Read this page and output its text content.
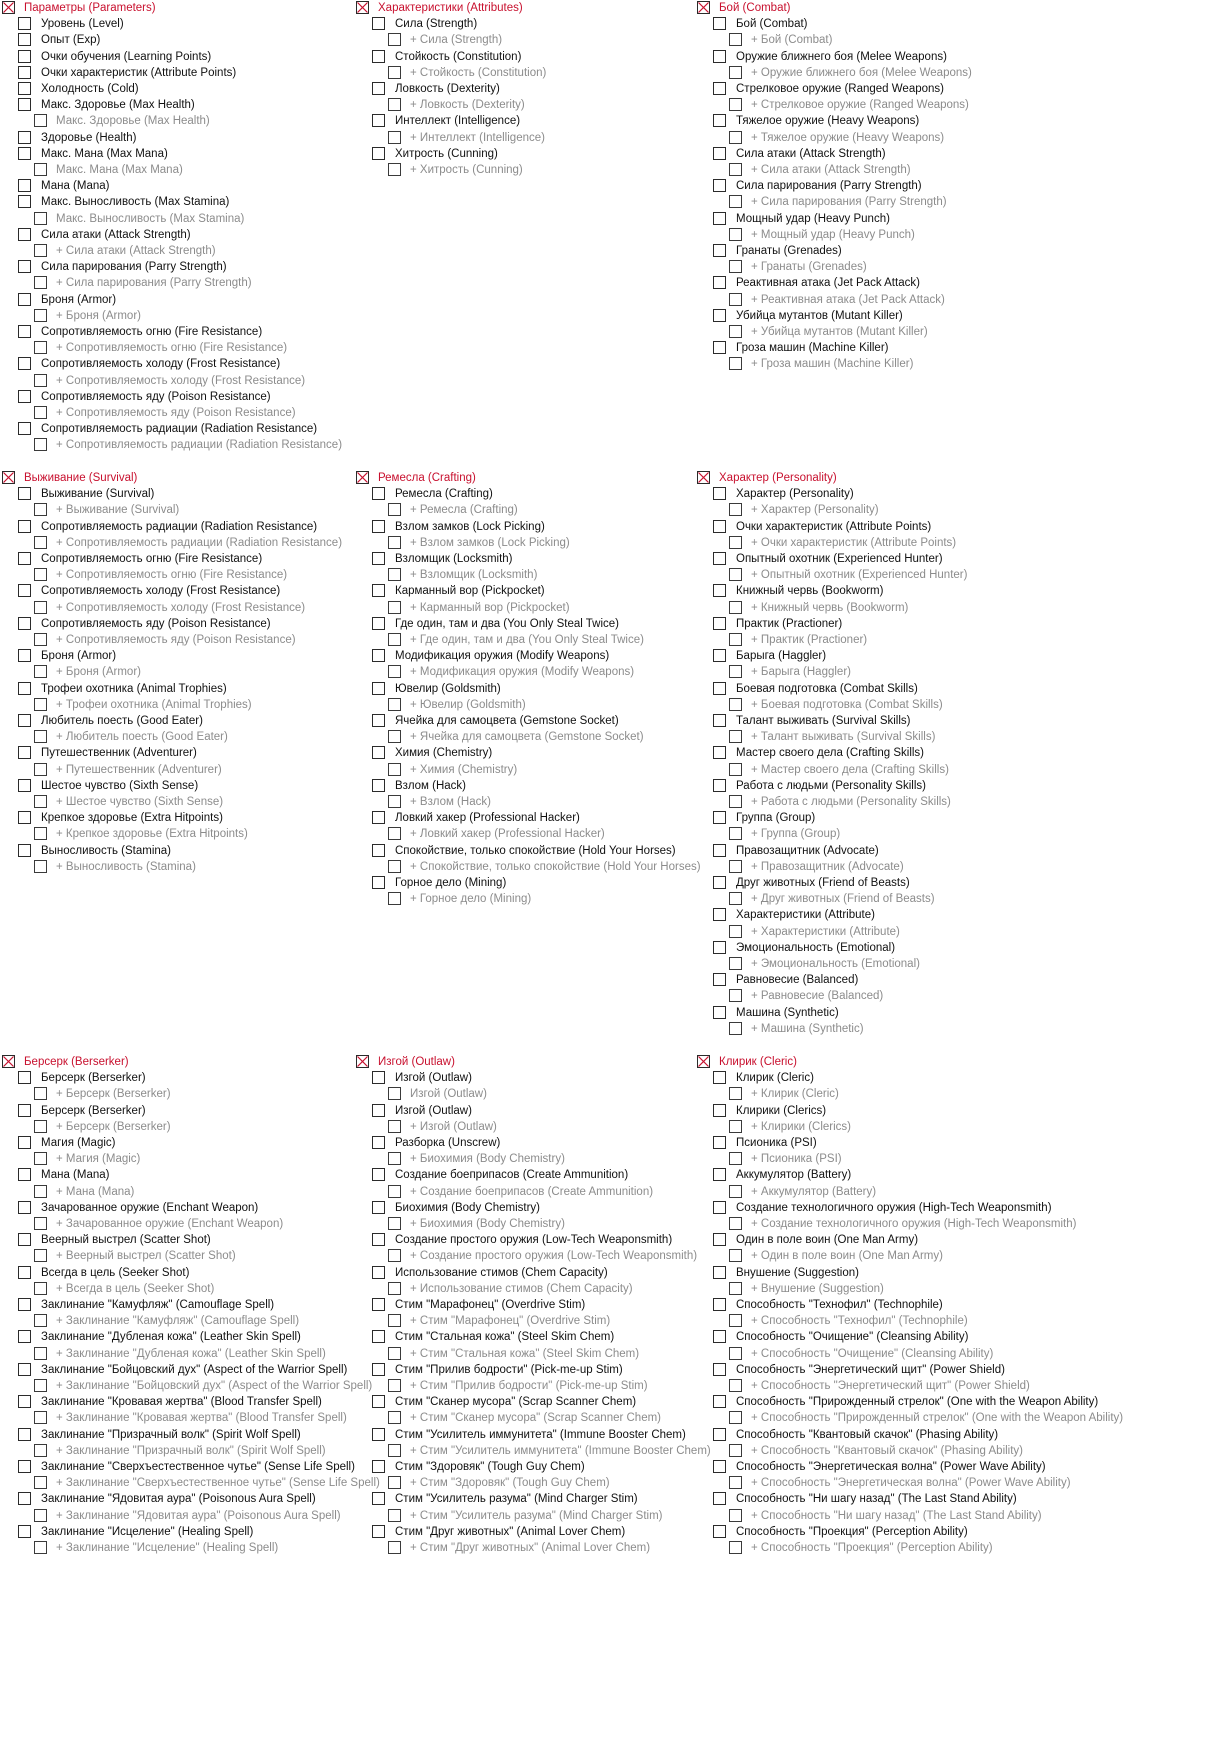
Параметры (Parameters)
Уровень (Level)
Опыт (Exp)
Очки обучения (Learning Points)
Очки характеристик (Attribute Points)
Холодность (Cold)
Макс. Здоровье (Max Health)
Макс. Здоровье (Max Health)
Здоровье (Health)
Макс. Мана (Max Mana)
Макс. Мана (Max Mana)
Мана (Mana)
Макс. Выносливость (Max Stamina)
Макс. Выносливость (Max Stamina)
Сила атаки (Attack Strength)
+ Сила атаки (Attack Strength)
Сила парирования (Parry Strength)
+ Сила парирования (Parry Strength)
Броня (Armor)
+ Броня (Armor)
Сопротивляемость огню (Fire Resistance)
+ Сопротивляемость огню (Fire Resistance)
Сопротивляемость холоду (Frost Resistance)
+ Сопротивляемость холоду (Frost Resistance)
Сопротивляемость яду (Poison Resistance)
+ Сопротивляемость яду (Poison Resistance)
Сопротивляемость радиации (Radiation Resistance)
+ Сопротивляемость радиации (Radiation Resistance)
Характеристики (Attributes)
Сила (Strength)
+ Сила (Strength)
Стойкость (Constitution)
+ Стойкость (Constitution)
Ловкость (Dexterity)
+ Ловкость (Dexterity)
Интеллект (Intelligence)
+ Интеллект (Intelligence)
Хитрость (Cunning)
+ Хитрость (Cunning)
Бой (Combat)
Бой (Combat)
+ Бой (Combat)
Оружие ближнего боя (Melee Weapons)
+ Оружие ближнего боя (Melee Weapons)
Стрелковое оружие (Ranged Weapons)
+ Стрелковое оружие (Ranged Weapons)
Тяжелое оружие (Heavy Weapons)
+ Тяжелое оружие (Heavy Weapons)
Сила атаки (Attack Strength)
+ Сила атаки (Attack Strength)
Сила парирования (Parry Strength)
+ Сила парирования (Parry Strength)
Мощный удар (Heavy Punch)
+ Мощный удар (Heavy Punch)
Гранаты (Grenades)
+ Гранаты (Grenades)
Реактивная атака (Jet Pack Attack)
+ Реактивная атака (Jet Pack Attack)
Убийца мутантов (Mutant Killer)
+ Убийца мутантов (Mutant Killer)
Гроза машин (Machine Killer)
+ Гроза машин (Machine Killer)
Выживание (Survival)
Выживание (Survival)
+ Выживание (Survival)
Сопротивляемость радиации (Radiation Resistance)
+ Сопротивляемость радиации (Radiation Resistance)
Сопротивляемость огню (Fire Resistance)
+ Сопротивляемость огню (Fire Resistance)
Сопротивляемость холоду (Frost Resistance)
+ Сопротивляемость холоду (Frost Resistance)
Сопротивляемость яду (Poison Resistance)
+ Сопротивляемость яду (Poison Resistance)
Броня (Armor)
+ Броня (Armor)
Трофеи охотника (Animal Trophies)
+ Трофеи охотника (Animal Trophies)
Любитель поесть (Good Eater)
+ Любитель поесть (Good Eater)
Путешественник (Adventurer)
+ Путешественник (Adventurer)
Шестое чувство (Sixth Sense)
+ Шестое чувство (Sixth Sense)
Крепкое здоровье (Extra Hitpoints)
+ Крепкое здоровье (Extra Hitpoints)
Выносливость (Stamina)
+ Выносливость (Stamina)
Ремесла (Crafting)
Ремесла (Crafting)
+ Ремесла (Crafting)
Взлом замков (Lock Picking)
+ Взлом замков (Lock Picking)
Взломщик (Locksmith)
+ Взломщик (Locksmith)
Карманный вор (Pickpocket)
+ Карманный вор (Pickpocket)
Где один, там и два (You Only Steal Twice)
+ Где один, там и два (You Only Steal Twice)
Модификация оружия (Modify Weapons)
+ Модификация оружия (Modify Weapons)
Ювелир (Goldsmith)
+ Ювелир (Goldsmith)
Ячейка для самоцвета (Gemstone Socket)
+ Ячейка для самоцвета (Gemstone Socket)
Химия (Chemistry)
+ Химия (Chemistry)
Взлом (Hack)
+ Взлом (Hack)
Ловкий хакер (Professional Hacker)
+ Ловкий хакер (Professional Hacker)
Спокойствие, только спокойствие (Hold Your Horses)
+ Спокойствие, только спокойствие (Hold Your Horses)
Горное дело (Mining)
+ Горное дело (Mining)
Характер (Personality)
Характер (Personality)
+ Характер (Personality)
Очки характеристик (Attribute Points)
+ Очки характеристик (Attribute Points)
Опытный охотник (Experienced Hunter)
+ Опытный охотник (Experienced Hunter)
Книжный червь (Bookworm)
+ Книжный червь (Bookworm)
Практик (Practioner)
+ Практик (Practioner)
Барыга (Haggler)
+ Барыга (Haggler)
Боевая подготовка (Combat Skills)
+ Боевая подготовка (Combat Skills)
Талант выживать (Survival Skills)
+ Талант выживать (Survival Skills)
Мастер своего дела (Crafting Skills)
+ Мастер своего дела (Crafting Skills)
Работа с людьми (Personality Skills)
+ Работа с людьми (Personality Skills)
Группа (Group)
+ Группа (Group)
Правозащитник (Advocate)
+ Правозащитник (Advocate)
Друг животных (Friend of Beasts)
+ Друг животных (Friend of Beasts)
Характеристики (Attribute)
+ Характеристики (Attribute)
Эмоциональность (Emotional)
+ Эмоциональность (Emotional)
Равновесие (Balanced)
+ Равновесие (Balanced)
Машина (Synthetic)
+ Машина (Synthetic)
Берсерк (Berserker)
Берсерк (Berserker)
+ Берсерк (Berserker)
Берсерк (Berserker)
+ Берсерк (Berserker)
Магия (Magic)
+ Магия (Magic)
Мана (Mana)
+ Мана (Mana)
Зачарованное оружие (Enchant Weapon)
+ Зачарованное оружие (Enchant Weapon)
Веерный выстрел (Scatter Shot)
+ Веерный выстрел (Scatter Shot)
Всегда в цель (Seeker Shot)
+ Всегда в цель (Seeker Shot)
Заклинание "Камуфляж" (Camouflage Spell)
+ Заклинание "Камуфляж" (Camouflage Spell)
Заклинание "Дубленая кожа" (Leather Skin Spell)
+ Заклинание "Дубленая кожа" (Leather Skin Spell)
Заклинание "Бойцовский дух" (Aspect of the Warrior Spell)
+ Заклинание "Бойцовский дух" (Aspect of the Warrior Spell)
Заклинание "Кровавая жертва" (Blood Transfer Spell)
+ Заклинание "Кровавая жертва" (Blood Transfer Spell)
Заклинание "Призрачный волк" (Spirit Wolf Spell)
+ Заклинание "Призрачный волк" (Spirit Wolf Spell)
Заклинание "Сверхъестественное чутье" (Sense Life Spell)
+ Заклинание "Сверхъестественное чутье" (Sense Life Spell)
Заклинание "Ядовитая аура" (Poisonous Aura Spell)
+ Заклинание "Ядовитая аура" (Poisonous Aura Spell)
Заклинание "Исцеление" (Healing Spell)
+ Заклинание "Исцеление" (Healing Spell)
Изгой (Outlaw)
Изгой (Outlaw)
Изгой (Outlaw)
Изгой (Outlaw)
+ Изгой (Outlaw)
Разборка (Unscrew)
+ Биохимия (Body Chemistry)
Создание боеприпасов (Create Ammunition)
+ Создание боеприпасов (Create Ammunition)
Биохимия (Body Chemistry)
+ Биохимия (Body Chemistry)
Создание простого оружия (Low-Tech Weaponsmith)
+ Создание простого оружия (Low-Tech Weaponsmith)
Использование стимов (Chem Capacity)
+ Использование стимов (Chem Capacity)
Стим "Марафонец" (Overdrive Stim)
+ Стим "Марафонец" (Overdrive Stim)
Стим "Стальная кожа" (Steel Skim Chem)
+ Стим "Стальная кожа" (Steel Skim Chem)
Стим "Прилив бодрости" (Pick-me-up Stim)
+ Стим "Прилив бодрости" (Pick-me-up Stim)
Стим "Сканер мусора" (Scrap Scanner Chem)
+ Стим "Сканер мусора" (Scrap Scanner Chem)
Стим "Усилитель иммунитета" (Immune Booster Chem)
+ Стим "Усилитель иммунитета" (Immune Booster Chem)
Стим "Здоровяк" (Tough Guy Chem)
+ Стим "Здоровяк" (Tough Guy Chem)
Стим "Усилитель разума" (Mind Charger Stim)
+ Стим "Усилитель разума" (Mind Charger Stim)
Стим "Друг животных" (Animal Lover Chem)
+ Стим "Друг животных" (Animal Lover Chem)
Клирик (Cleric)
Клирик (Cleric)
+ Клирик (Cleric)
Клирики (Clerics)
+ Клирики (Clerics)
Псионика (PSI)
+ Псионика (PSI)
Аккумулятор (Battery)
+ Аккумулятор (Battery)
Создание технологичного оружия (High-Tech Weaponsmith)
+ Создание технологичного оружия (High-Tech Weaponsmith)
Один в поле воин (One Man Army)
+ Один в поле воин (One Man Army)
Внушение (Suggestion)
+ Внушение (Suggestion)
Способность "Технофил" (Technophile)
+ Способность "Технофил" (Technophile)
Способность "Очищение" (Cleansing Ability)
+ Способность "Очищение" (Cleansing Ability)
Способность "Энергетический щит" (Power Shield)
+ Способность "Энергетический щит" (Power Shield)
Способность "Прирожденный стрелок" (One with the Weapon Ability)
+ Способность "Прирожденный стрелок" (One with the Weapon Ability)
Способность "Квантовый скачок" (Phasing Ability)
+ Способность "Квантовый скачок" (Phasing Ability)
Способность "Энергетическая волна" (Power Wave Ability)
+ Способность "Энергетическая волна" (Power Wave Ability)
Способность "Ни шагу назад" (The Last Stand Ability)
+ Способность "Ни шагу назад" (The Last Stand Ability)
Способность "Проекция" (Perception Ability)
+ Способность "Проекция" (Perception Ability)
